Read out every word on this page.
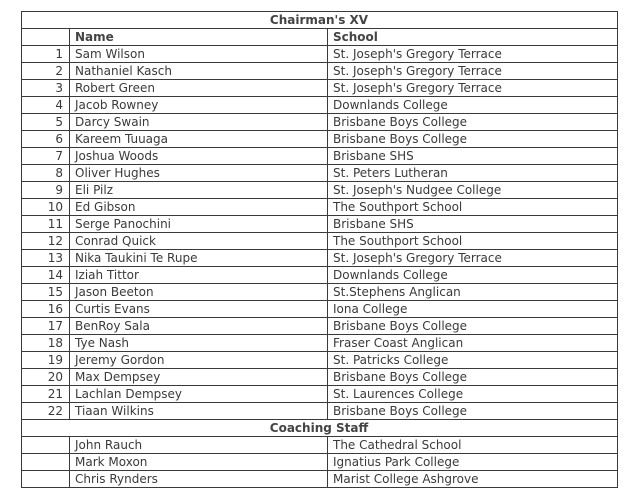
Chairman's XV		
	Name	School
1	Sam Wilson	St. Joseph's Gregory Terrace
2	Nathaniel Kasch	St. Joseph's Gregory Terrace
3	Robert Green	St. Joseph's Gregory Terrace
4	Jacob Rowney	Downlands College
5	Darcy Swain	Brisbane Boys College
6	Kareem Tuuaga	Brisbane Boys College
7	Joshua Woods	Brisbane SHS
8	Oliver Hughes	St. Peters Lutheran
9	Eli Pilz	St. Joseph's Nudgee College
10	Ed Gibson	The Southport School
11	Serge Panochini	Brisbane SHS
12	Conrad Quick	The Southport School
13	Nika Taukini Te Rupe	St. Joseph's Gregory Terrace
14	Iziah Tittor	Downlands College
15	Jason Beeton	St.Stephens Anglican
16	Curtis Evans	Iona College
17	BenRoy Sala	Brisbane Boys College
18	Tye Nash	Fraser Coast Anglican
19	Jeremy Gordon	St. Patricks College
20	Max Dempsey	Brisbane Boys College
21	Lachlan Dempsey	St. Laurences College
22	Tiaan Wilkins	Brisbane Boys College
Coaching Staff		
	John Rauch	The Cathedral School
	Mark Moxon	Ignatius Park College
	Chris Rynders	Marist College Ashgrove
